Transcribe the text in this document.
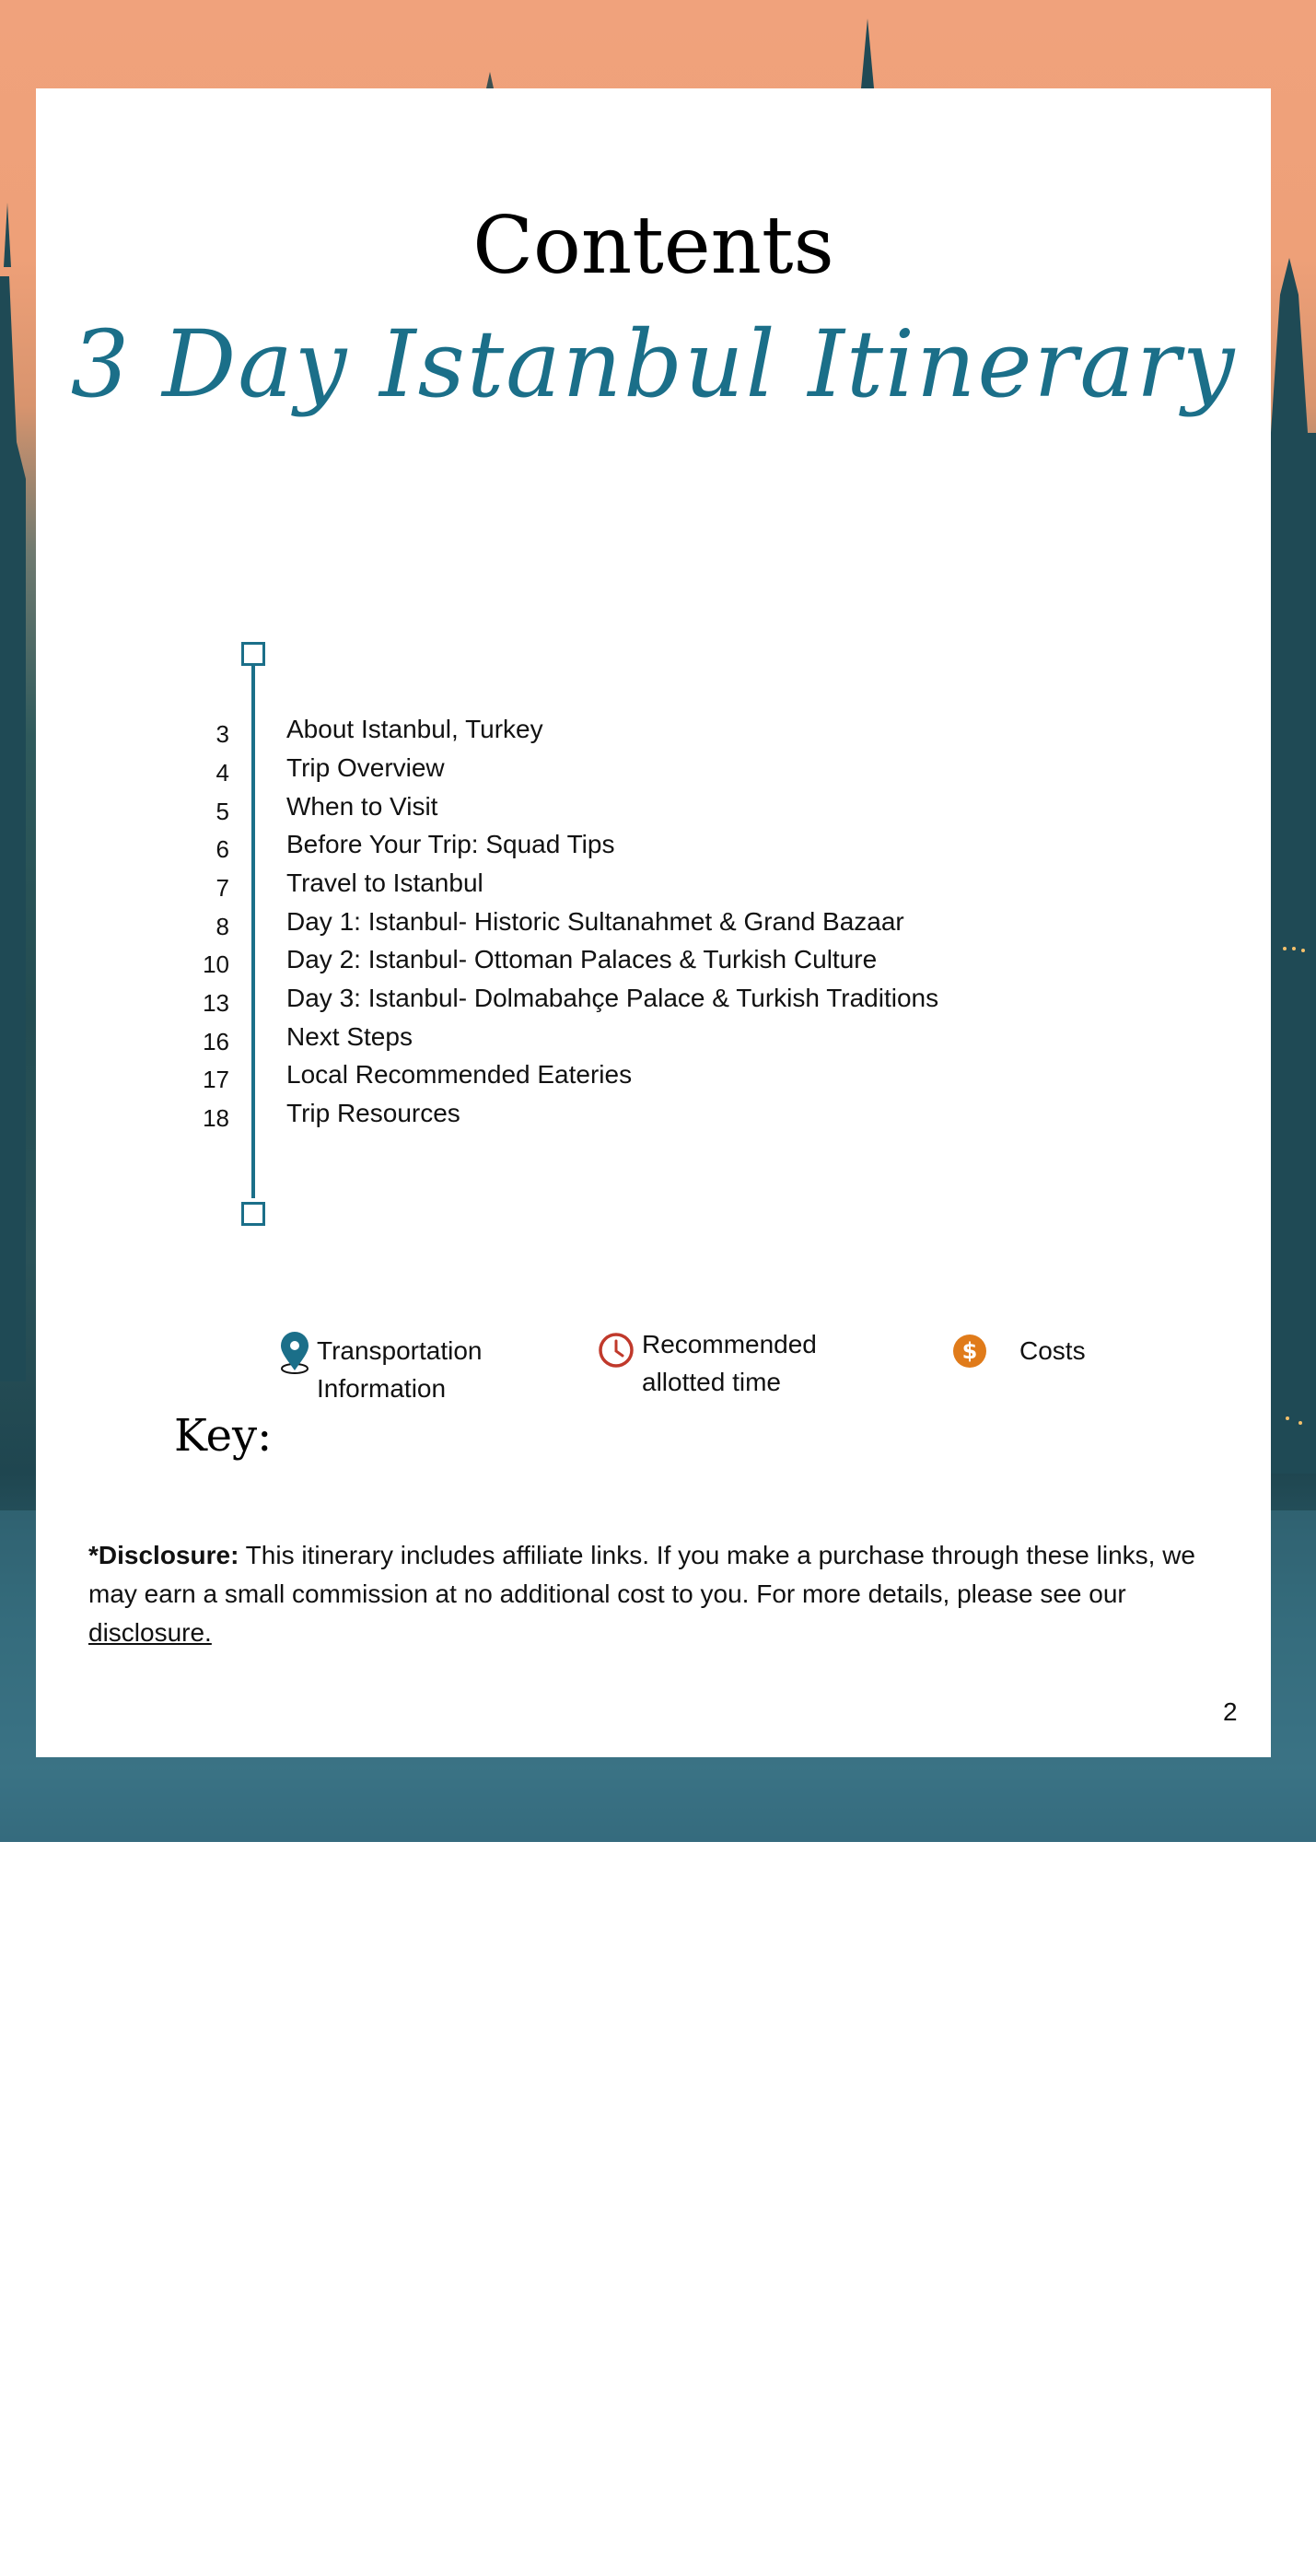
Contents
3 Day Istanbul Itinerary
3 About Istanbul, Turkey
4 Trip Overview
5 When to Visit
6 Before Your Trip: Squad Tips
7 Travel to Istanbul
8 Day 1: Istanbul- Historic Sultanahmet & Grand Bazaar
10 Day 2: Istanbul- Ottoman Palaces & Turkish Culture
13 Day 3: Istanbul- Dolmabahçe Palace & Turkish Traditions
16 Next Steps
17 Local Recommended Eateries
18 Trip Resources
Key:
Transportation
Information
Recommended
allotted time
$ Costs
*Disclosure: This itinerary includes affiliate links. If you make a purchase through these links, we may earn a small commission at no additional cost to you. For more details, please see our disclosure.
2
